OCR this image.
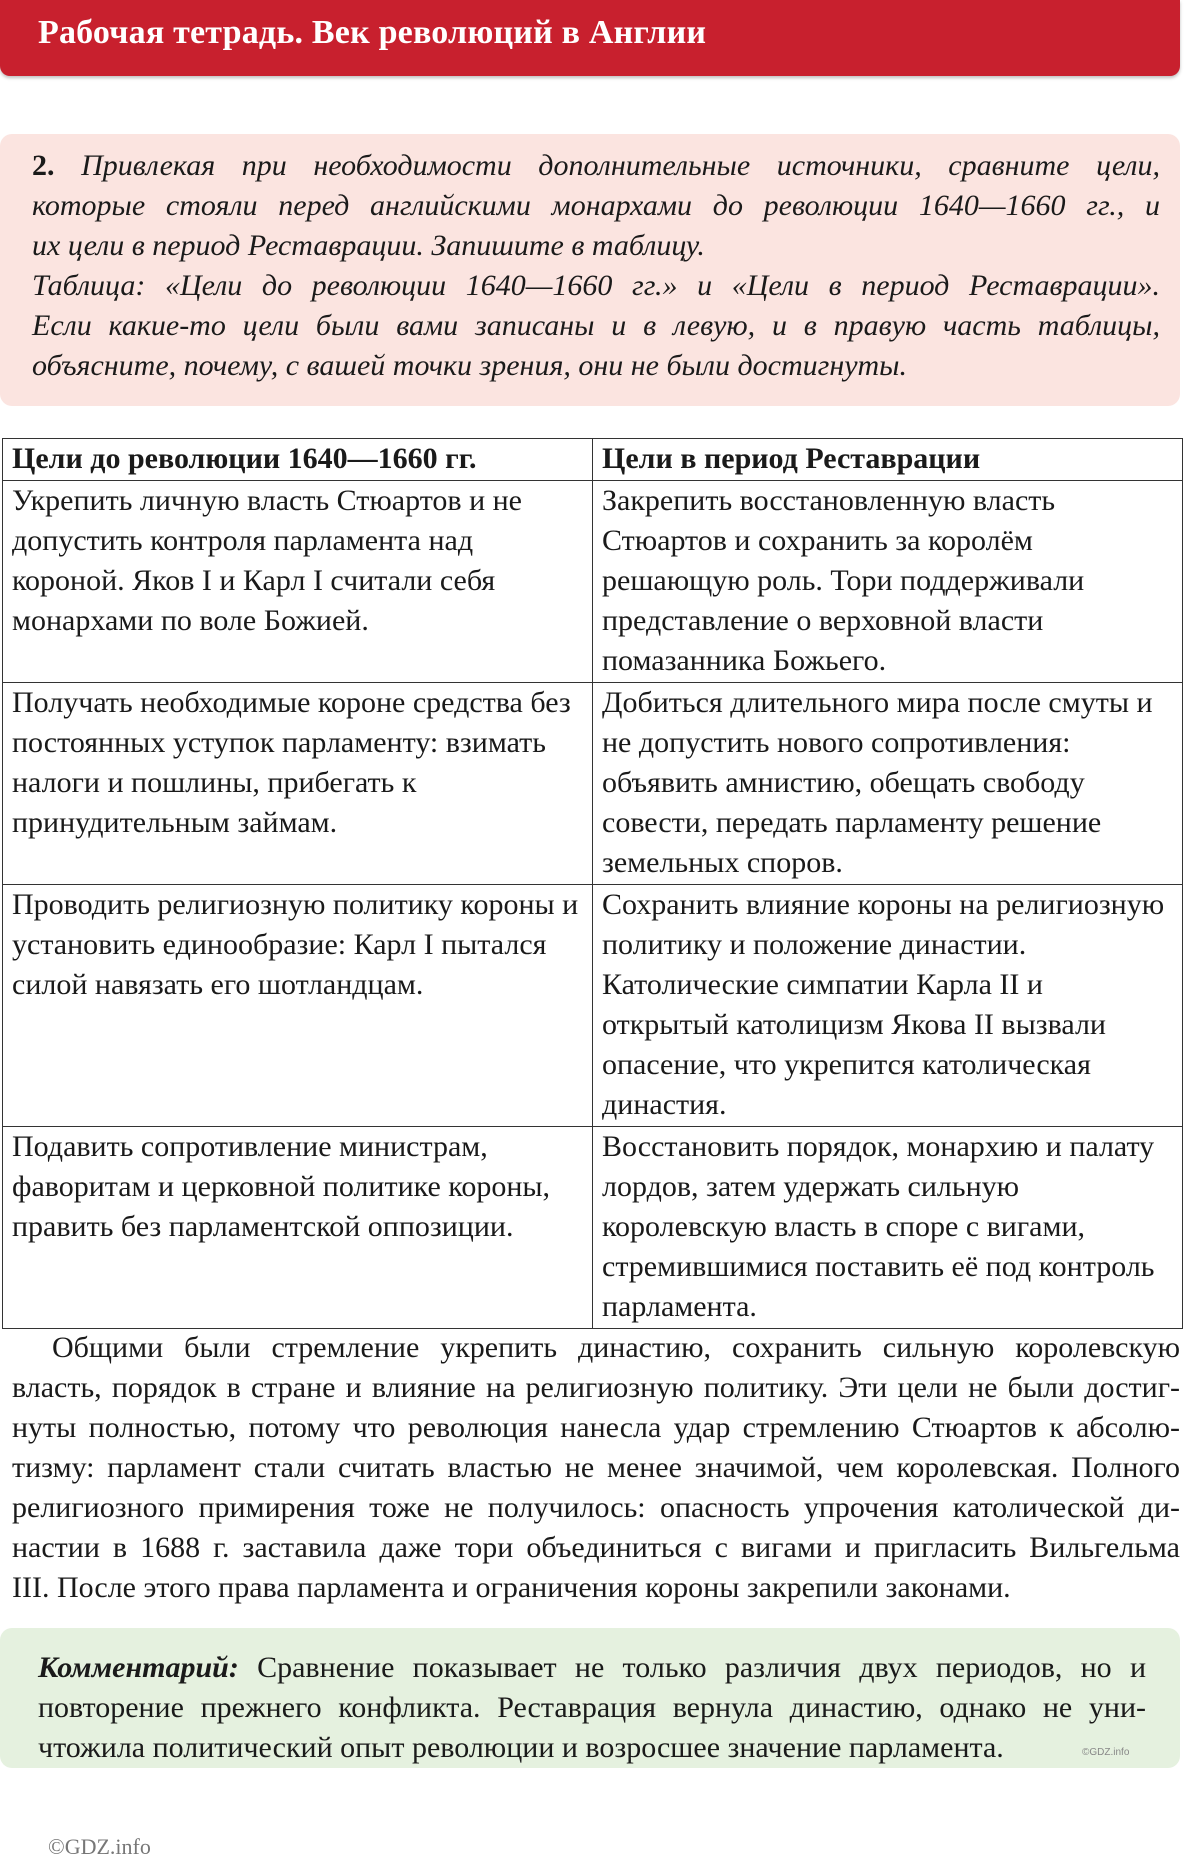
Рабочая тетрадь. Век революций в Англии
2. Привлекая при необходимости дополнительные источники, сравните цели,
которые стояли перед английскими монархами до революции 1640—1660 гг., и
их цели в период Реставрации. Запишите в таблицу.
Таблица: «Цели до революции 1640—1660 гг.» и «Цели в период Реставрации».
Если какие-то цели были вами записаны и в левую, и в правую часть таблицы,
объясните, почему, с вашей точки зрения, они не были достигнуты.
Цели до революции 1640—1660 гг.	Цели в период Реставрации
Укрепить личную власть Стюартов и не допустить контроля парламента над короной. Яков I и Карл I считали себя монархами по воле Божией.	Закрепить восстановленную власть Стюартов и сохранить за королём решающую роль. Тори поддерживали представление о верховной власти помазанника Божьего.
Получать необходимые короне средства без постоянных уступок парламенту: взимать налоги и пошлины, прибегать к принудительным займам.	Добиться длительного мира после смуты и не допустить нового сопротивления: объявить амнистию, обещать свободу совести, передать парламенту решение земельных споров.
Проводить религиозную политику короны и установить единообразие: Карл I пытался силой навязать его шотландцам.	Сохранить влияние короны на религиозную политику и положение династии. Католические симпатии Карла II и открытый католицизм Якова II вызвали опасение, что укрепится католическая династия.
Подавить сопротивление министрам, фаворитам и церковной политике короны, править без парламентской оппозиции.	Восстановить порядок, монархию и палату лордов, затем удержать сильную королевскую власть в споре с вигами, стремившимися поставить её под контроль парламента.
Общими были стремление укрепить династию, сохранить сильную королевскую
власть, порядок в стране и влияние на религиозную политику. Эти цели не были достиг-
нуты полностью, потому что революция нанесла удар стремлению Стюартов к абсолю-
тизму: парламент стали считать властью не менее значимой, чем королевская. Полного
религиозного примирения тоже не получилось: опасность упрочения католической ди-
настии в 1688 г. заставила даже тори объединиться с вигами и пригласить Вильгельма
III. После этого права парламента и ограничения короны закрепили законами.
Комментарий: Сравнение показывает не только различия двух периодов, но и
повторение прежнего конфликта. Реставрация вернула династию, однако не уни-
чтожила политический опыт революции и возросшее значение парламента.	©GDZ.info
©GDZ.info
